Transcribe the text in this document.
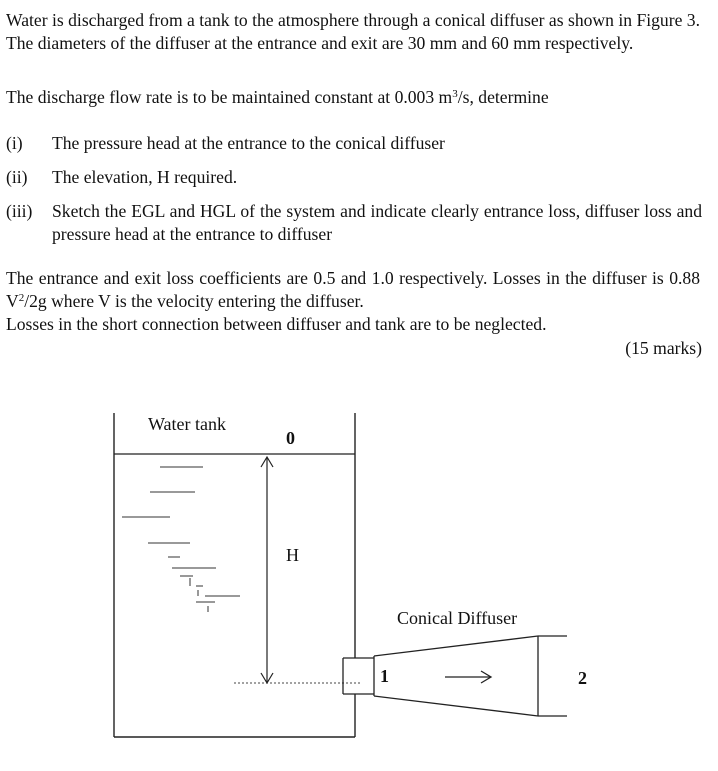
Water is discharged from a tank to the atmosphere through a conical diffuser as shown in Figure 3. The diameters of the diffuser at the entrance and exit are 30 mm and 60 mm respectively.

The discharge flow rate is to be maintained constant at 0.003 $m^3/s$, determine

(i) The pressure head at the entrance to the conical diffuser
(ii) The elevation, H required.
(iii) Sketch the EGL and HGL of the system and indicate clearly entrance loss, diffuser loss and pressure head at the entrance to diffuser

The entrance and exit loss coefficients are 0.5 and 1.0 respectively. Losses in the diffuser is 0.88 $V^2/2g$ where V is the velocity entering the diffuser.

Losses in the short connection between diffuser and tank are to be neglected.

(15 marks)
Water tank
0
H
Conical Diffuser
1	2
